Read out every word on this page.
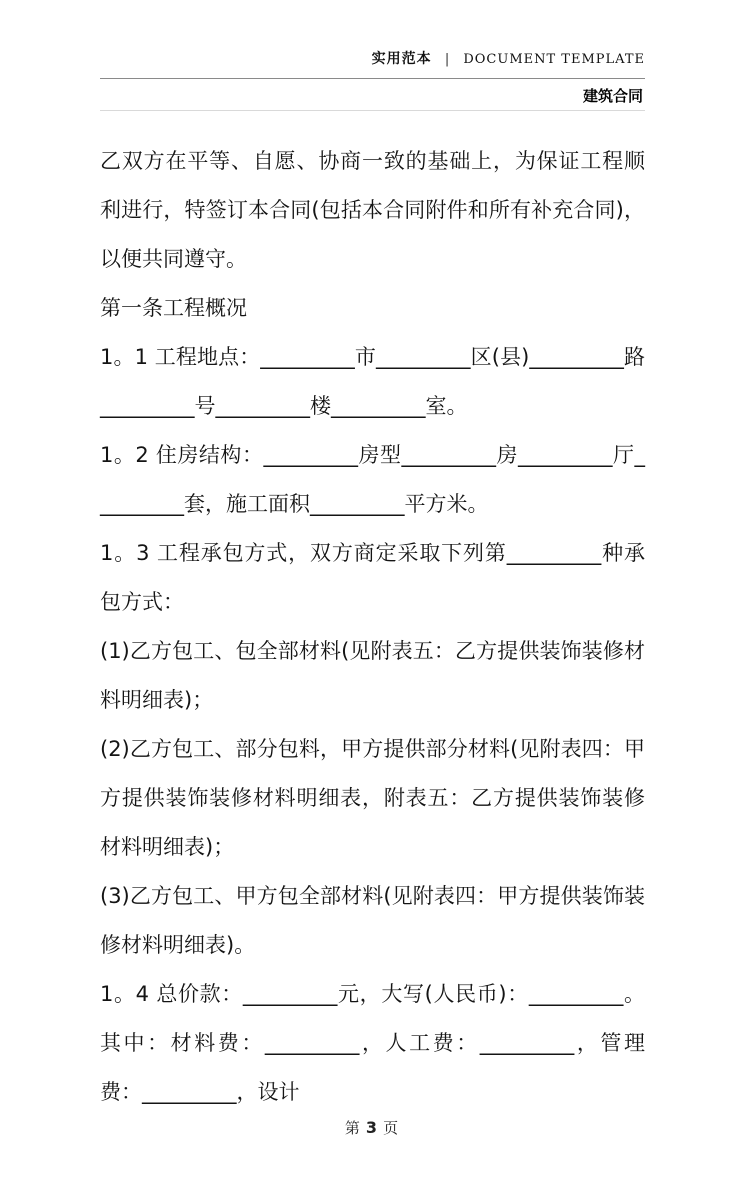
实用范本 | DOCUMENT TEMPLATE
建筑合同

乙双方在平等、自愿、协商一致的基础上，为保证工程顺利进行，特签订本合同(包括本合同附件和所有补充合同)，以便共同遵守。

第一条工程概况

1。1 工程地点：_________市_________区(县)_________路_________号_________楼_________室。

1。2 住房结构：_________房型_________房_________厅_________套，施工面积_________平方米。

1。3 工程承包方式，双方商定采取下列第_________种承包方式：

(1)乙方包工、包全部材料(见附表五：乙方提供装饰装修材料明细表)；

(2)乙方包工、部分包料，甲方提供部分材料(见附表四：甲方提供装饰装修材料明细表，附表五：乙方提供装饰装修材料明细表)；

(3)乙方包工、甲方包全部材料(见附表四：甲方提供装饰装修材料明细表)。

1。4 总价款：_________元，大写(人民币)：_________。其中：材料费：_________，人工费：_________，管理费：_________，设计

第 3 页
